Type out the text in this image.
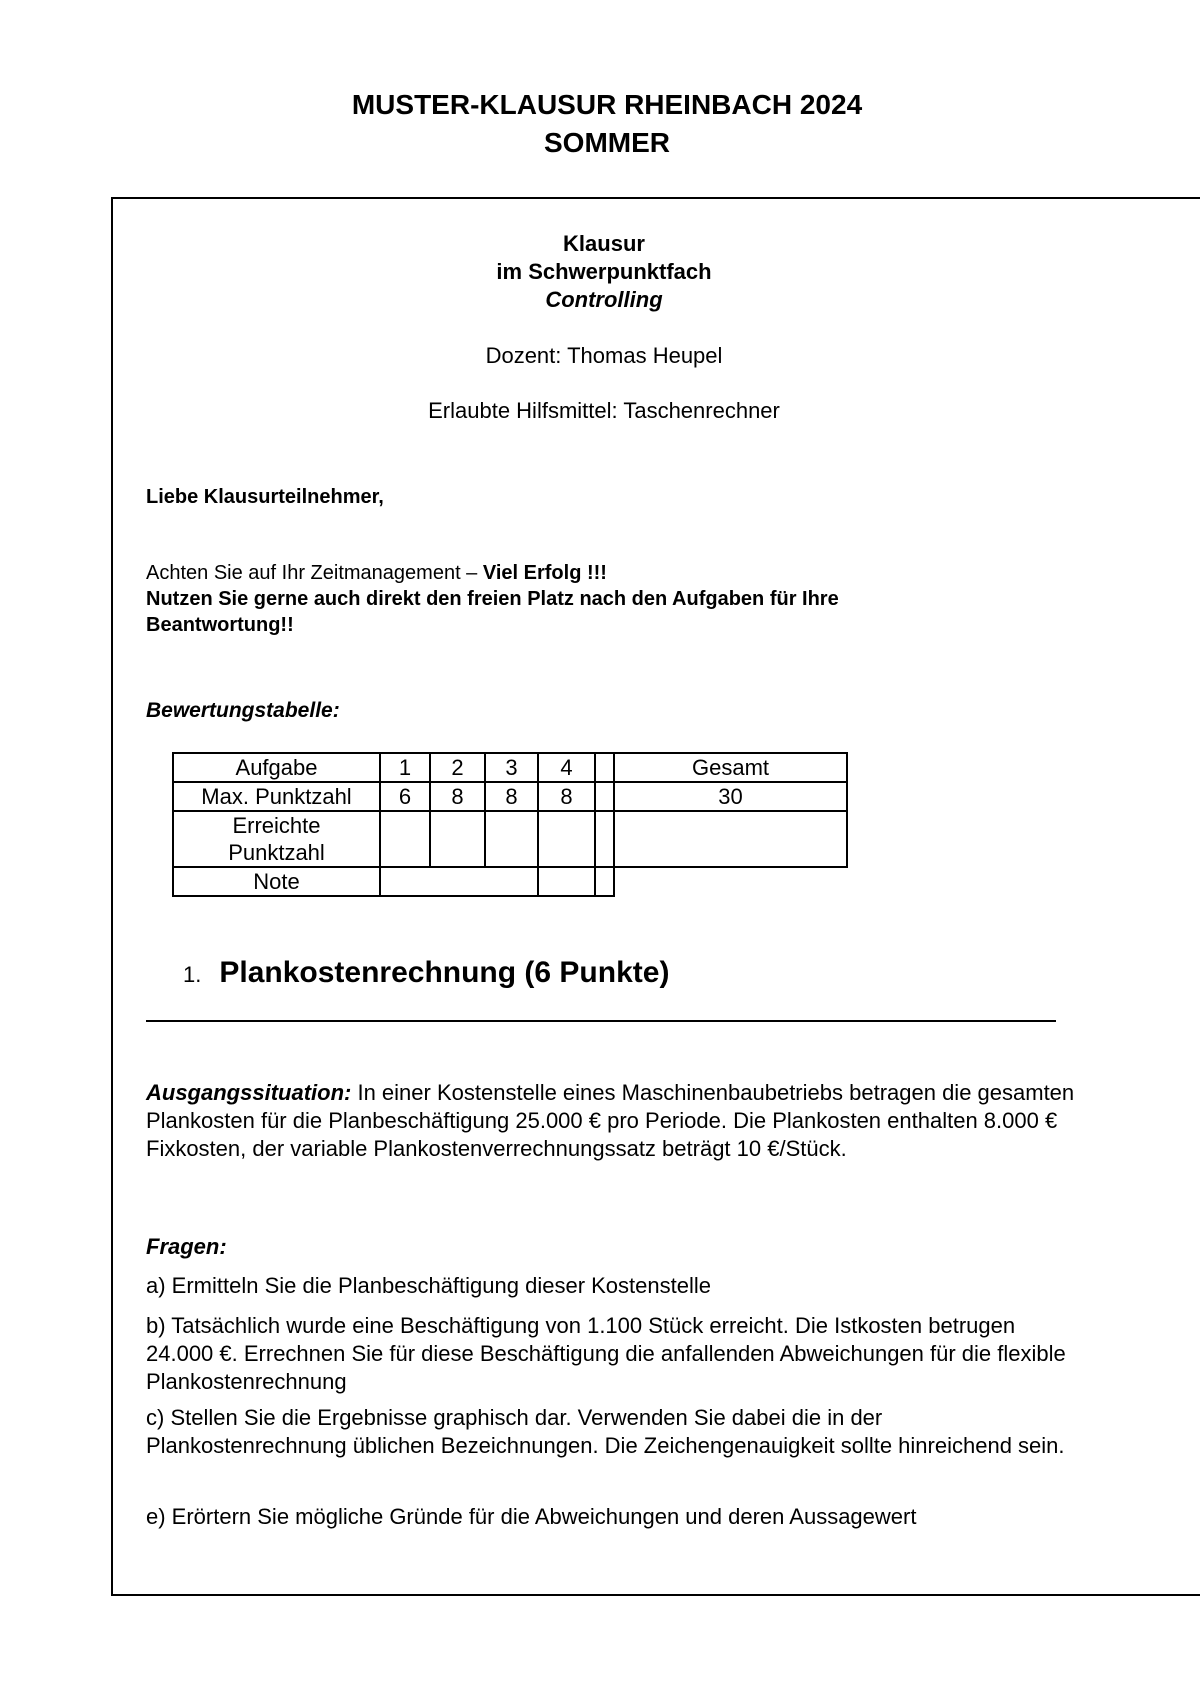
MUSTER-KLAUSUR RHEINBACH 2024
SOMMER
Klausur
im Schwerpunktfach
Controlling
Dozent: Thomas Heupel
Erlaubte Hilfsmittel: Taschenrechner
Liebe Klausurteilnehmer,
Achten Sie auf Ihr Zeitmanagement – Viel Erfolg !!!
Nutzen Sie gerne auch direkt den freien Platz nach den Aufgaben für Ihre
Beantwortung!!
Bewertungstabelle:
Aufgabe	1	2	3	4		Gesamt
Max. Punktzahl	6	8	8	8		30

Erreichte
Punktzahl						

Note						
1. Plankostenrechnung (6 Punkte)
Ausgangssituation: In einer Kostenstelle eines Maschinenbaubetriebs betragen die gesamten Plankosten für die Planbeschäftigung 25.000 € pro Periode. Die Plankosten enthalten 8.000 € Fixkosten, der variable Plankostenverrechnungssatz beträgt 10 €/Stück.
Fragen:
a) Ermitteln Sie die Planbeschäftigung dieser Kostenstelle
b) Tatsächlich wurde eine Beschäftigung von 1.100 Stück erreicht. Die Istkosten betrugen 24.000 €. Errechnen Sie für diese Beschäftigung die anfallenden Abweichungen für die flexible Plankostenrechnung
c) Stellen Sie die Ergebnisse graphisch dar. Verwenden Sie dabei die in der Plankostenrechnung üblichen Bezeichnungen. Die Zeichengenauigkeit sollte hinreichend sein.
e) Erörtern Sie mögliche Gründe für die Abweichungen und deren Aussagewert
